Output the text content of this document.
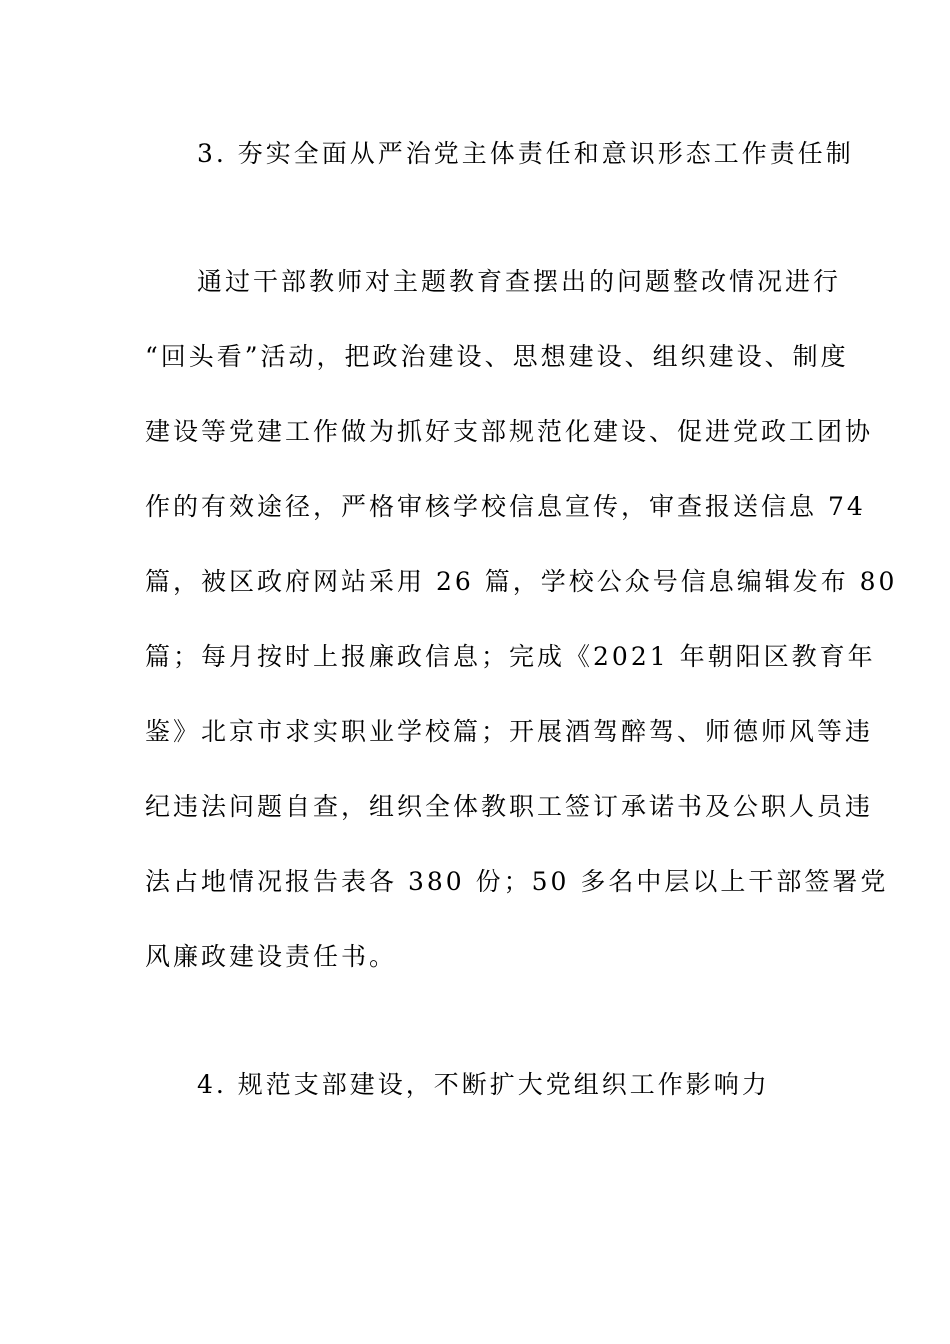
3. 夯实全面从严治党主体责任和意识形态工作责任制
通过干部教师对主题教育查摆出的问题整改情况进行
“回头看”活动，把政治建设、思想建设、组织建设、制度
建设等党建工作做为抓好支部规范化建设、促进党政工团协
作的有效途径，严格审核学校信息宣传，审查报送信息 74
篇，被区政府网站采用 26 篇，学校公众号信息编辑发布 80
篇；每月按时上报廉政信息；完成《2021 年朝阳区教育年
鉴》北京市求实职业学校篇；开展酒驾醉驾、师德师风等违
纪违法问题自查，组织全体教职工签订承诺书及公职人员违
法占地情况报告表各 380 份；50 多名中层以上干部签署党
风廉政建设责任书。
4. 规范支部建设，不断扩大党组织工作影响力
